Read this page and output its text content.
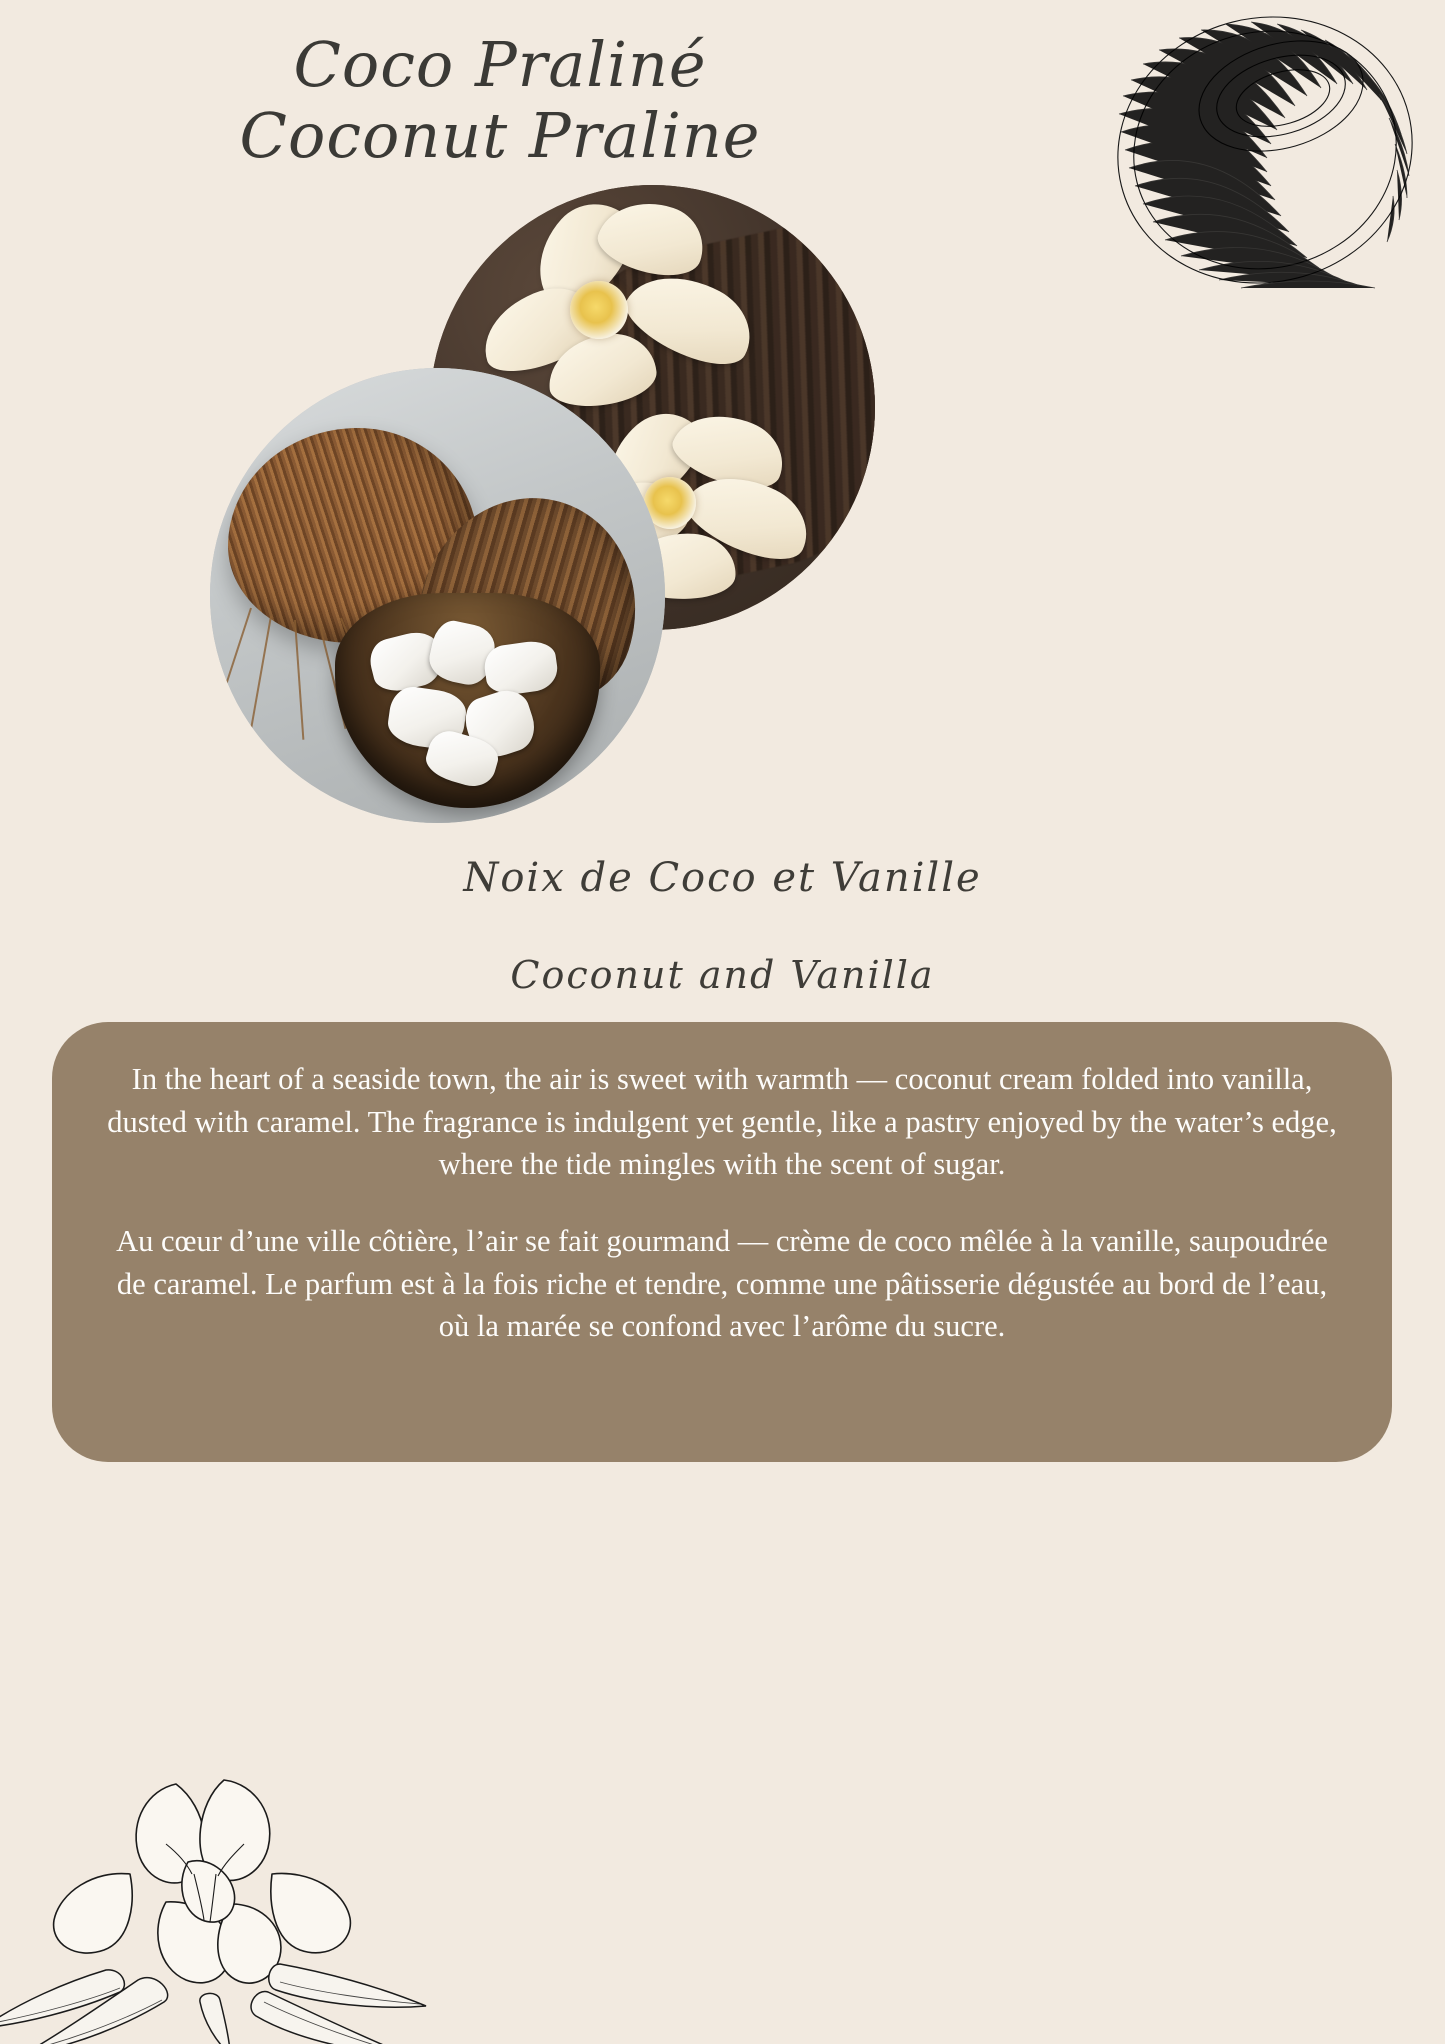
Coco Praliné
Coconut Praline
Noix de Coco et Vanille
Coconut and Vanilla

In the heart of a seaside town, the air is sweet with warmth — coconut cream folded into vanilla, dusted with caramel. The fragrance is indulgent yet gentle, like a pastry enjoyed by the water’s edge, where the tide mingles with the scent of sugar.

Au cœur d’une ville côtière, l’air se fait gourmand — crème de coco mêlée à la vanille, saupoudrée de caramel. Le parfum est à la fois riche et tendre, comme une pâtisserie dégustée au bord de l’eau, où la marée se confond avec l’arôme du sucre.
